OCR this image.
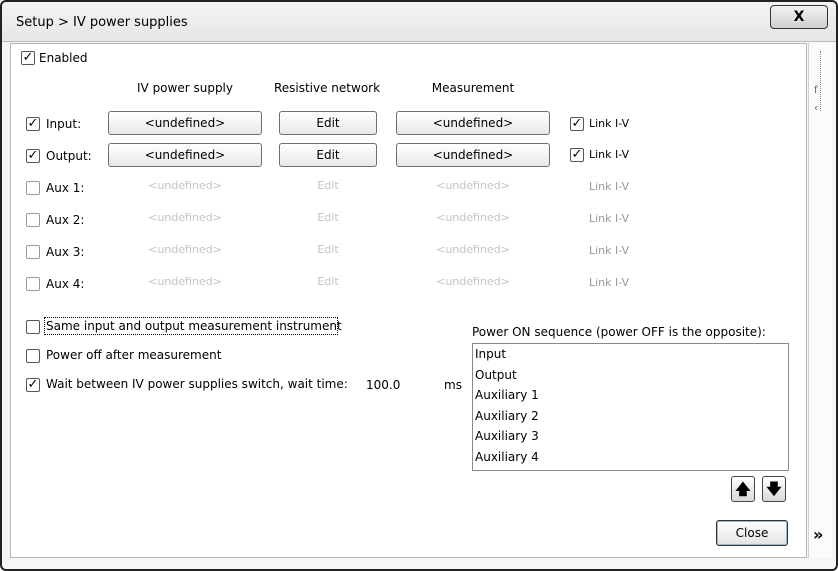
Setup > IV power supplies	X
f
‹
»
✓ Enabled
IV power supply	Resistive network	Measurement
✓ Input:	<undefined>	Edit	<undefined>	✓ Link I-V
✓ Output:	<undefined>	Edit	<undefined>	✓ Link I-V
Aux 1:	<undefined>	Edit	<undefined>	Link I-V
Aux 2:	<undefined>	Edit	<undefined>	Link I-V
Aux 3:	<undefined>	Edit	<undefined>	Link I-V
Aux 4:	<undefined>	Edit	<undefined>	Link I-V
Same input and output measurement instrument
Power off after measurement
✓ Wait between IV power supplies switch, wait time: 100.0	ms
Power ON sequence (power OFF is the opposite):
Input
Output
Auxiliary 1
Auxiliary 2
Auxiliary 3
Auxiliary 4
🡅 🡇
Close
